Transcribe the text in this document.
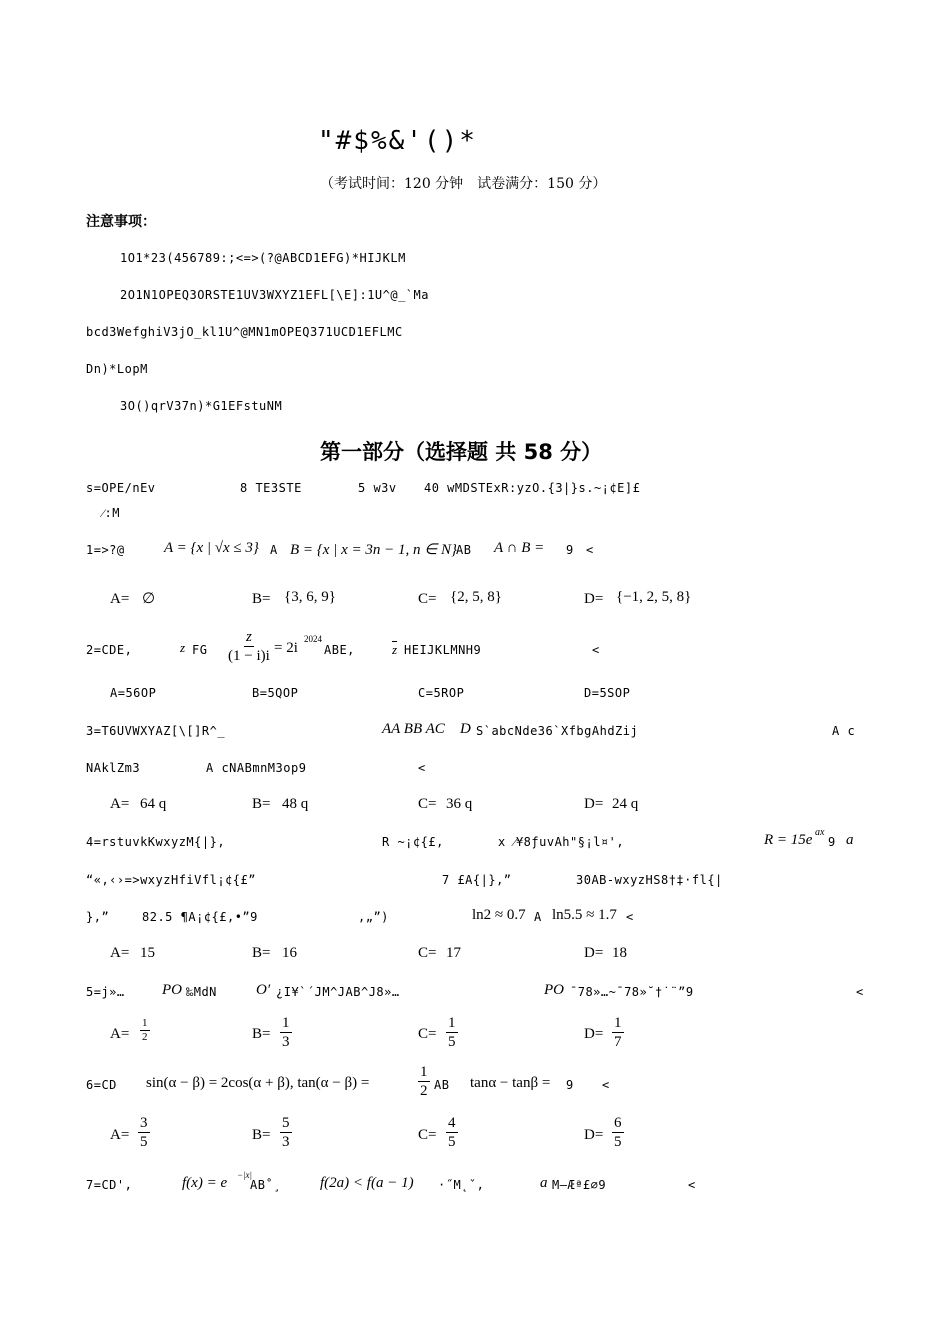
"#$%&'()*
（考试时间：120 分钟　试卷满分：150 分）
注意事项：
1O1*23(456789:;<=>(?@ABCD1EFG)*HIJKLM
2O1N1OPEQ3ORSTE1UV3WXYZ1EFL[\E]:1U^@_`Ma
bcd3WefghiV3jO_kl1U^@MN1mOPEQ371UCD1EFLMC
Dn)*LopM
3O()qrV37n)*G1EFstuNM
第一部分（选择题 共 58 分）
s=OPE/nEv	8 TE3STE	5 w3v 40 wMDSTExR:yzO.{3|}s.~¡¢E]£
⁄:M
1=>?@	A = {x | √x ≤ 3} A B = {x | x = 3n − 1, n ∈ N}
AB A ∩ B = 9 <
A= ∅	B= {3, 6, 9}	C= {2, 5, 8}	D= {−1, 2, 5, 8}
2=CDE,	z FG $\frac{z}{(1 - i)i} = 2i$
2024
ABE,	$\overline{z}$ HEIJKLMNH9	<
A=56OP	B=5QOP	C=5ROP	D=5SOP
3=T6UVWXYAZ[\[]R^_	AA BB AC D S`abcNde36`XfbgAhdZij	A c
NAklZm3	A cNABmnM3op9	<
A= 64 q	B= 48 q	C= 36 q	D= 24 q
4=rstuvkKwxyzM{|},	R ~¡¢{£,	x ⁄¥8ƒuvAh"§¡l¤',	R = 15e ax
9 a
“«,‹›=>wxyzHfiVfl¡¢{£”	7 £A{|},”	30AB-wxyzHS8†‡·fl{|
},”	82.5 ¶A¡¢{£,•”9	‚„”)	ln2 ≈ 0.7 A ln5.5 ≈ 1.7 <
A= 15	B= 16	C= 17	D= 18
5=j»… PO ‰MdN	O′ ¿I¥`´JM^JAB^J8»…	PO ¯78»…~¯78»˘†˙¨”9	<
$A= \frac{1}{2}$	$B= \frac{1}{3}$	$C= \frac{1}{5}$	$D= \frac{1}{7}$
6=CD sin(α − β) = 2cos(α + β), tan(α − β) =	$\frac{1}{2}$ AB tanα − tanβ = 9 <
$A= \frac{3}{5}$	$B= \frac{5}{3}$	$C= \frac{4}{5}$	$D= \frac{6}{5}$
7=CD',	f(x) = e −|x|
AB˚¸	f(2a) < f(a − 1) ·˝M˛ˇ,	a M—Æª£∅9	<
